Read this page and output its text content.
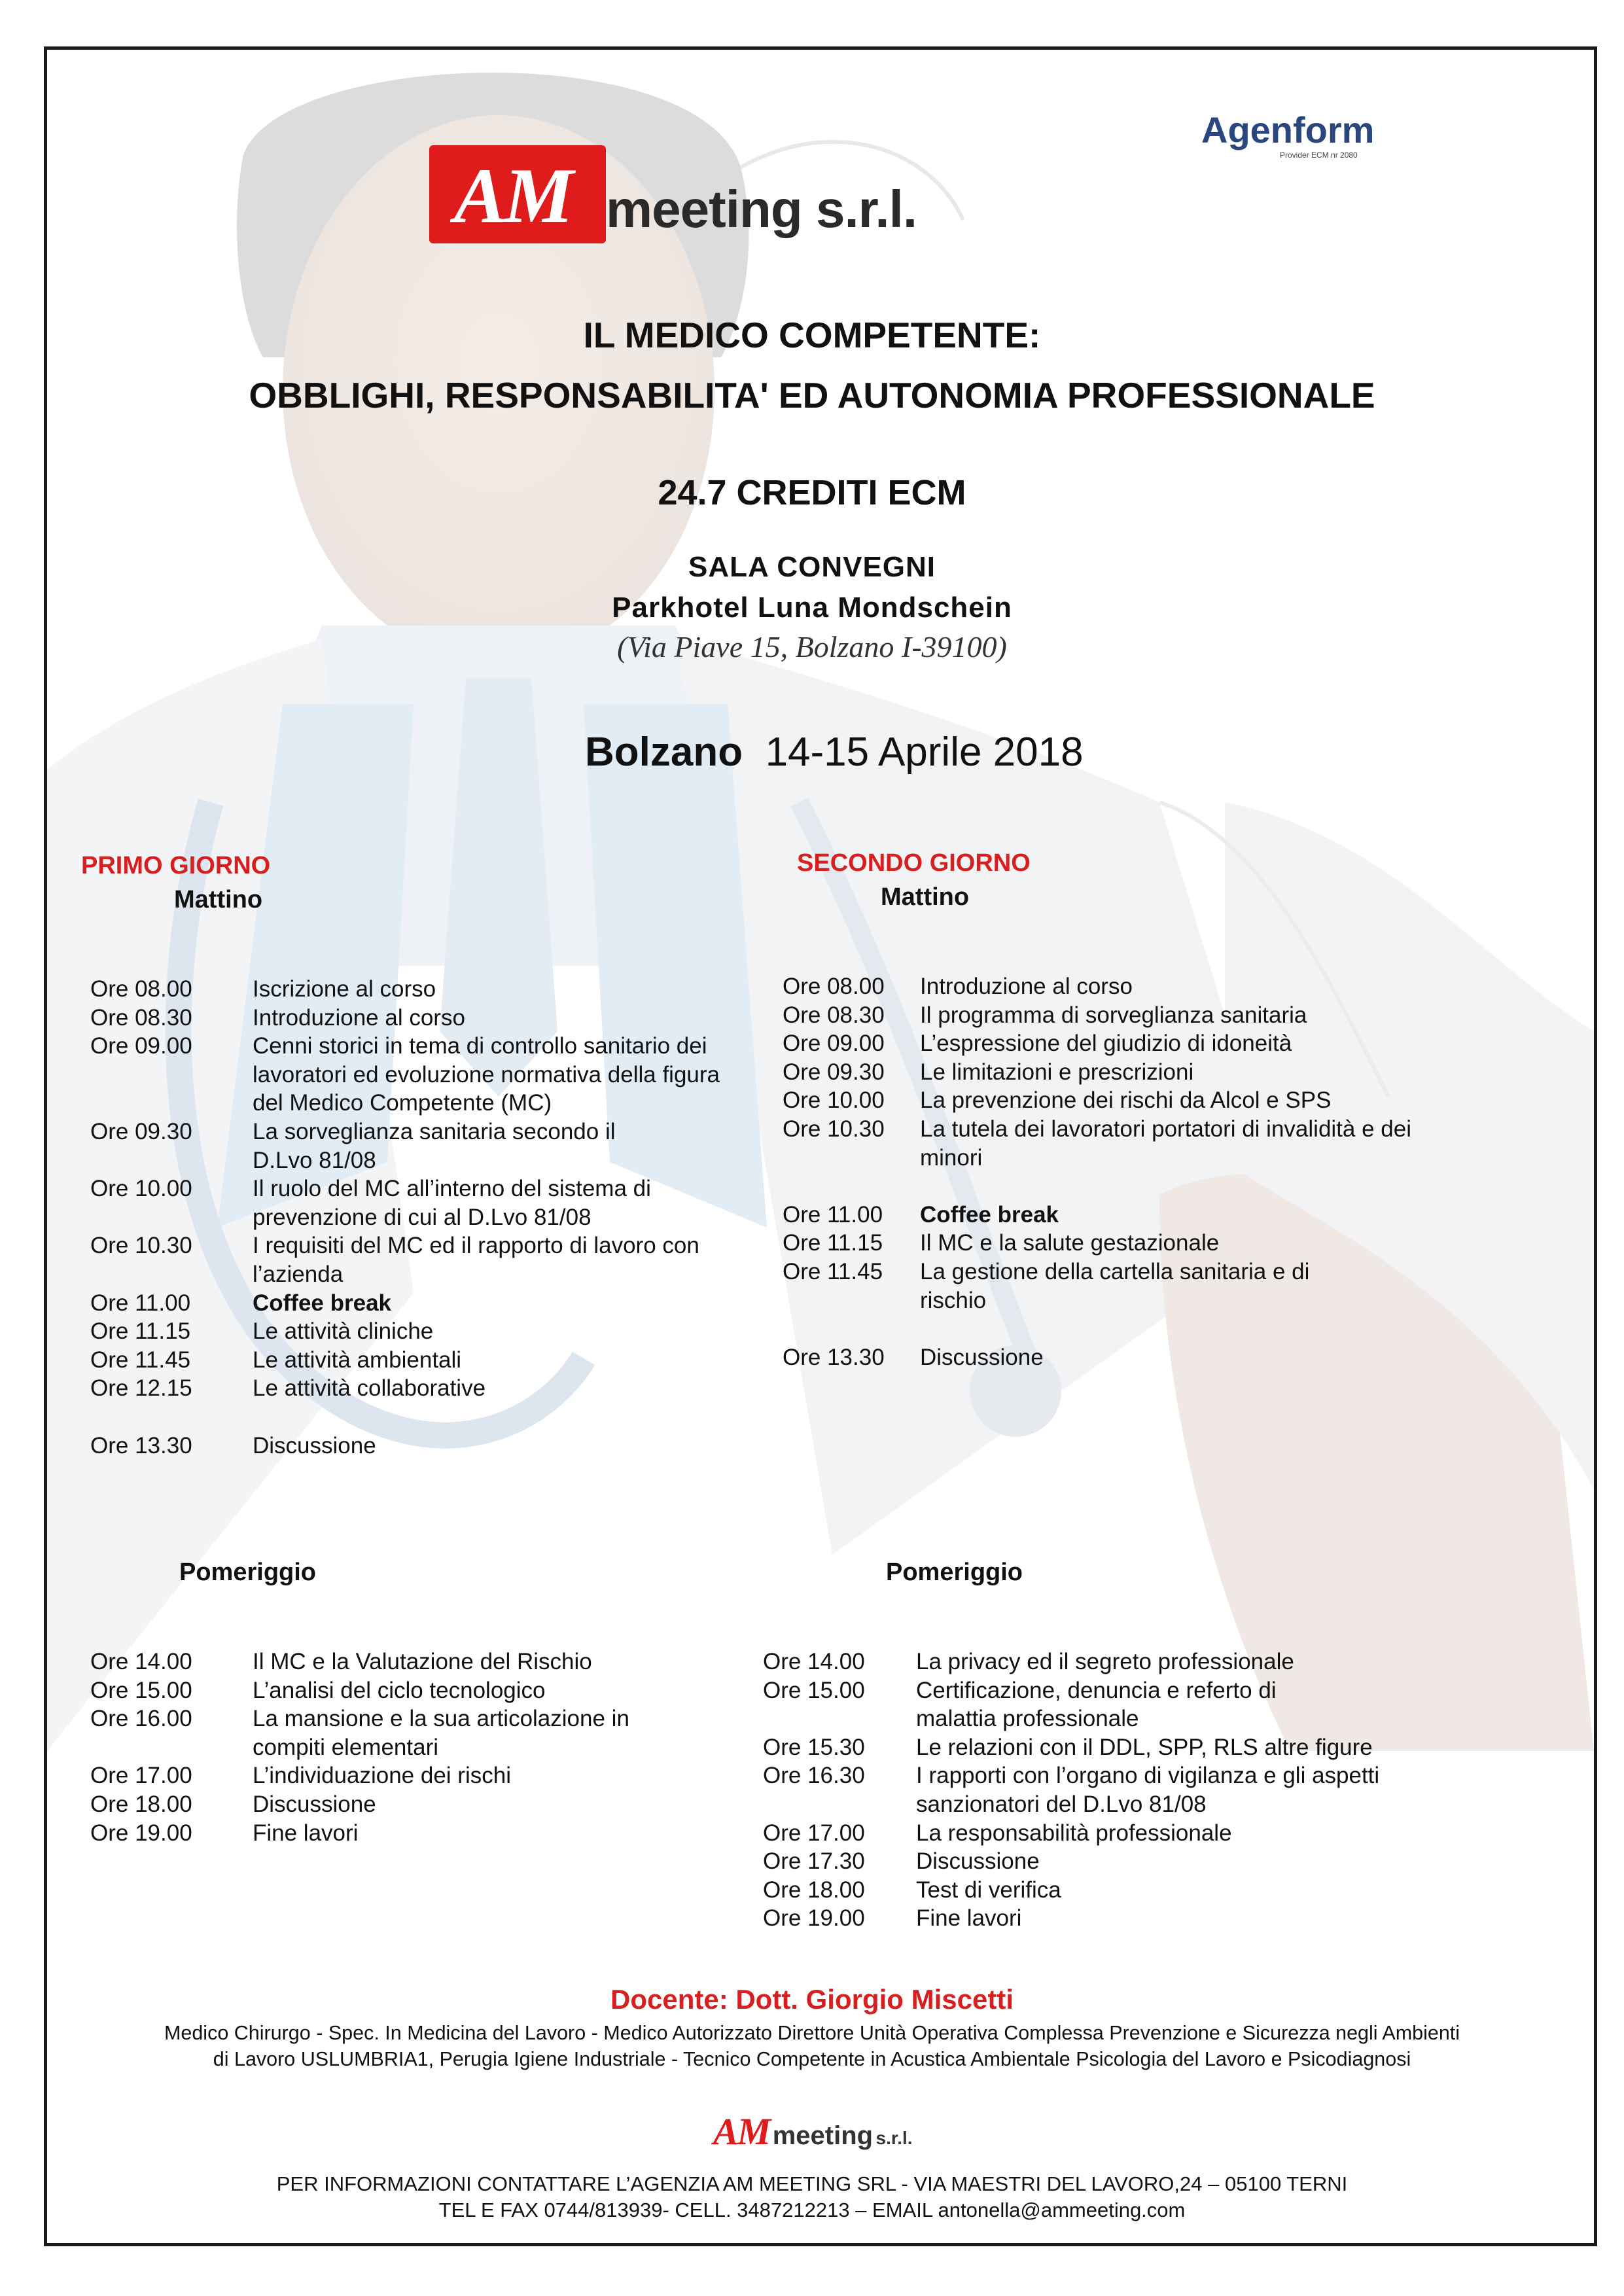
AM meeting s.r.l.
Agenform
Provider ECM nr 2080
IL MEDICO COMPETENTE:
OBBLIGHI, RESPONSABILITA' ED AUTONOMIA PROFESSIONALE
24.7 CREDITI ECM
SALA CONVEGNI
Parkhotel Luna Mondschein
(Via Piave 15, Bolzano I-39100)
Bolzano 14-15 Aprile 2018
PRIMO GIORNO
Mattino
SECONDO GIORNO
Mattino
Ore 08.00	Iscrizione al corso
Ore 08.30	Introduzione al corso
Ore 09.00	Cenni storici in tema di controllo sanitario dei
lavoratori ed evoluzione normativa della figura
del Medico Competente (MC)
Ore 09.30	La sorveglianza sanitaria secondo il
D.Lvo 81/08
Ore 10.00	Il ruolo del MC all’interno del sistema di
prevenzione di cui al D.Lvo 81/08
Ore 10.30	I requisiti del MC ed il rapporto di lavoro con
l’azienda
Ore 11.00	Coffee break
Ore 11.15	Le attività cliniche
Ore 11.45	Le attività ambientali
Ore 12.15	Le attività collaborative
Ore 13.30	Discussione
Ore 08.00 Introduzione al corso
Ore 08.30 Il programma di sorveglianza sanitaria
Ore 09.00 L’espressione del giudizio di idoneità
Ore 09.30 Le limitazioni e prescrizioni
Ore 10.00 La prevenzione dei rischi da Alcol e SPS
Ore 10.30 La tutela dei lavoratori portatori di invalidità e dei
minori
Ore 11.00 Coffee break
Ore 11.15 Il MC e la salute gestazionale
Ore 11.45 La gestione della cartella sanitaria e di
rischio
Ore 13.30 Discussione
Pomeriggio	Pomeriggio
Ore 14.00	Il MC e la Valutazione del Rischio
Ore 15.00	L’analisi del ciclo tecnologico
Ore 16.00	La mansione e la sua articolazione in
compiti elementari
Ore 17.00	L’individuazione dei rischi
Ore 18.00	Discussione
Ore 19.00	Fine lavori
Ore 14.00 La privacy ed il segreto professionale
Ore 15.00 Certificazione, denuncia e referto di
malattia professionale
Ore 15.30 Le relazioni con il DDL, SPP, RLS altre figure
Ore 16.30 I rapporti con l’organo di vigilanza e gli aspetti
sanzionatori del D.Lvo 81/08
Ore 17.00 La responsabilità professionale
Ore 17.30 Discussione
Ore 18.00 Test di verifica
Ore 19.00 Fine lavori
Docente: Dott. Giorgio Miscetti
Medico Chirurgo - Spec. In Medicina del Lavoro - Medico Autorizzato Direttore Unità Operativa Complessa Prevenzione e Sicurezza negli Ambienti
di Lavoro USLUMBRIA1, Perugia Igiene Industriale - Tecnico Competente in Acustica Ambientale Psicologia del Lavoro e Psicodiagnosi
AM meeting s.r.l.
PER INFORMAZIONI CONTATTARE L’AGENZIA AM MEETING SRL - VIA MAESTRI DEL LAVORO,24 – 05100 TERNI
TEL E FAX 0744/813939- CELL. 3487212213 – EMAIL antonella@ammeeting.com
